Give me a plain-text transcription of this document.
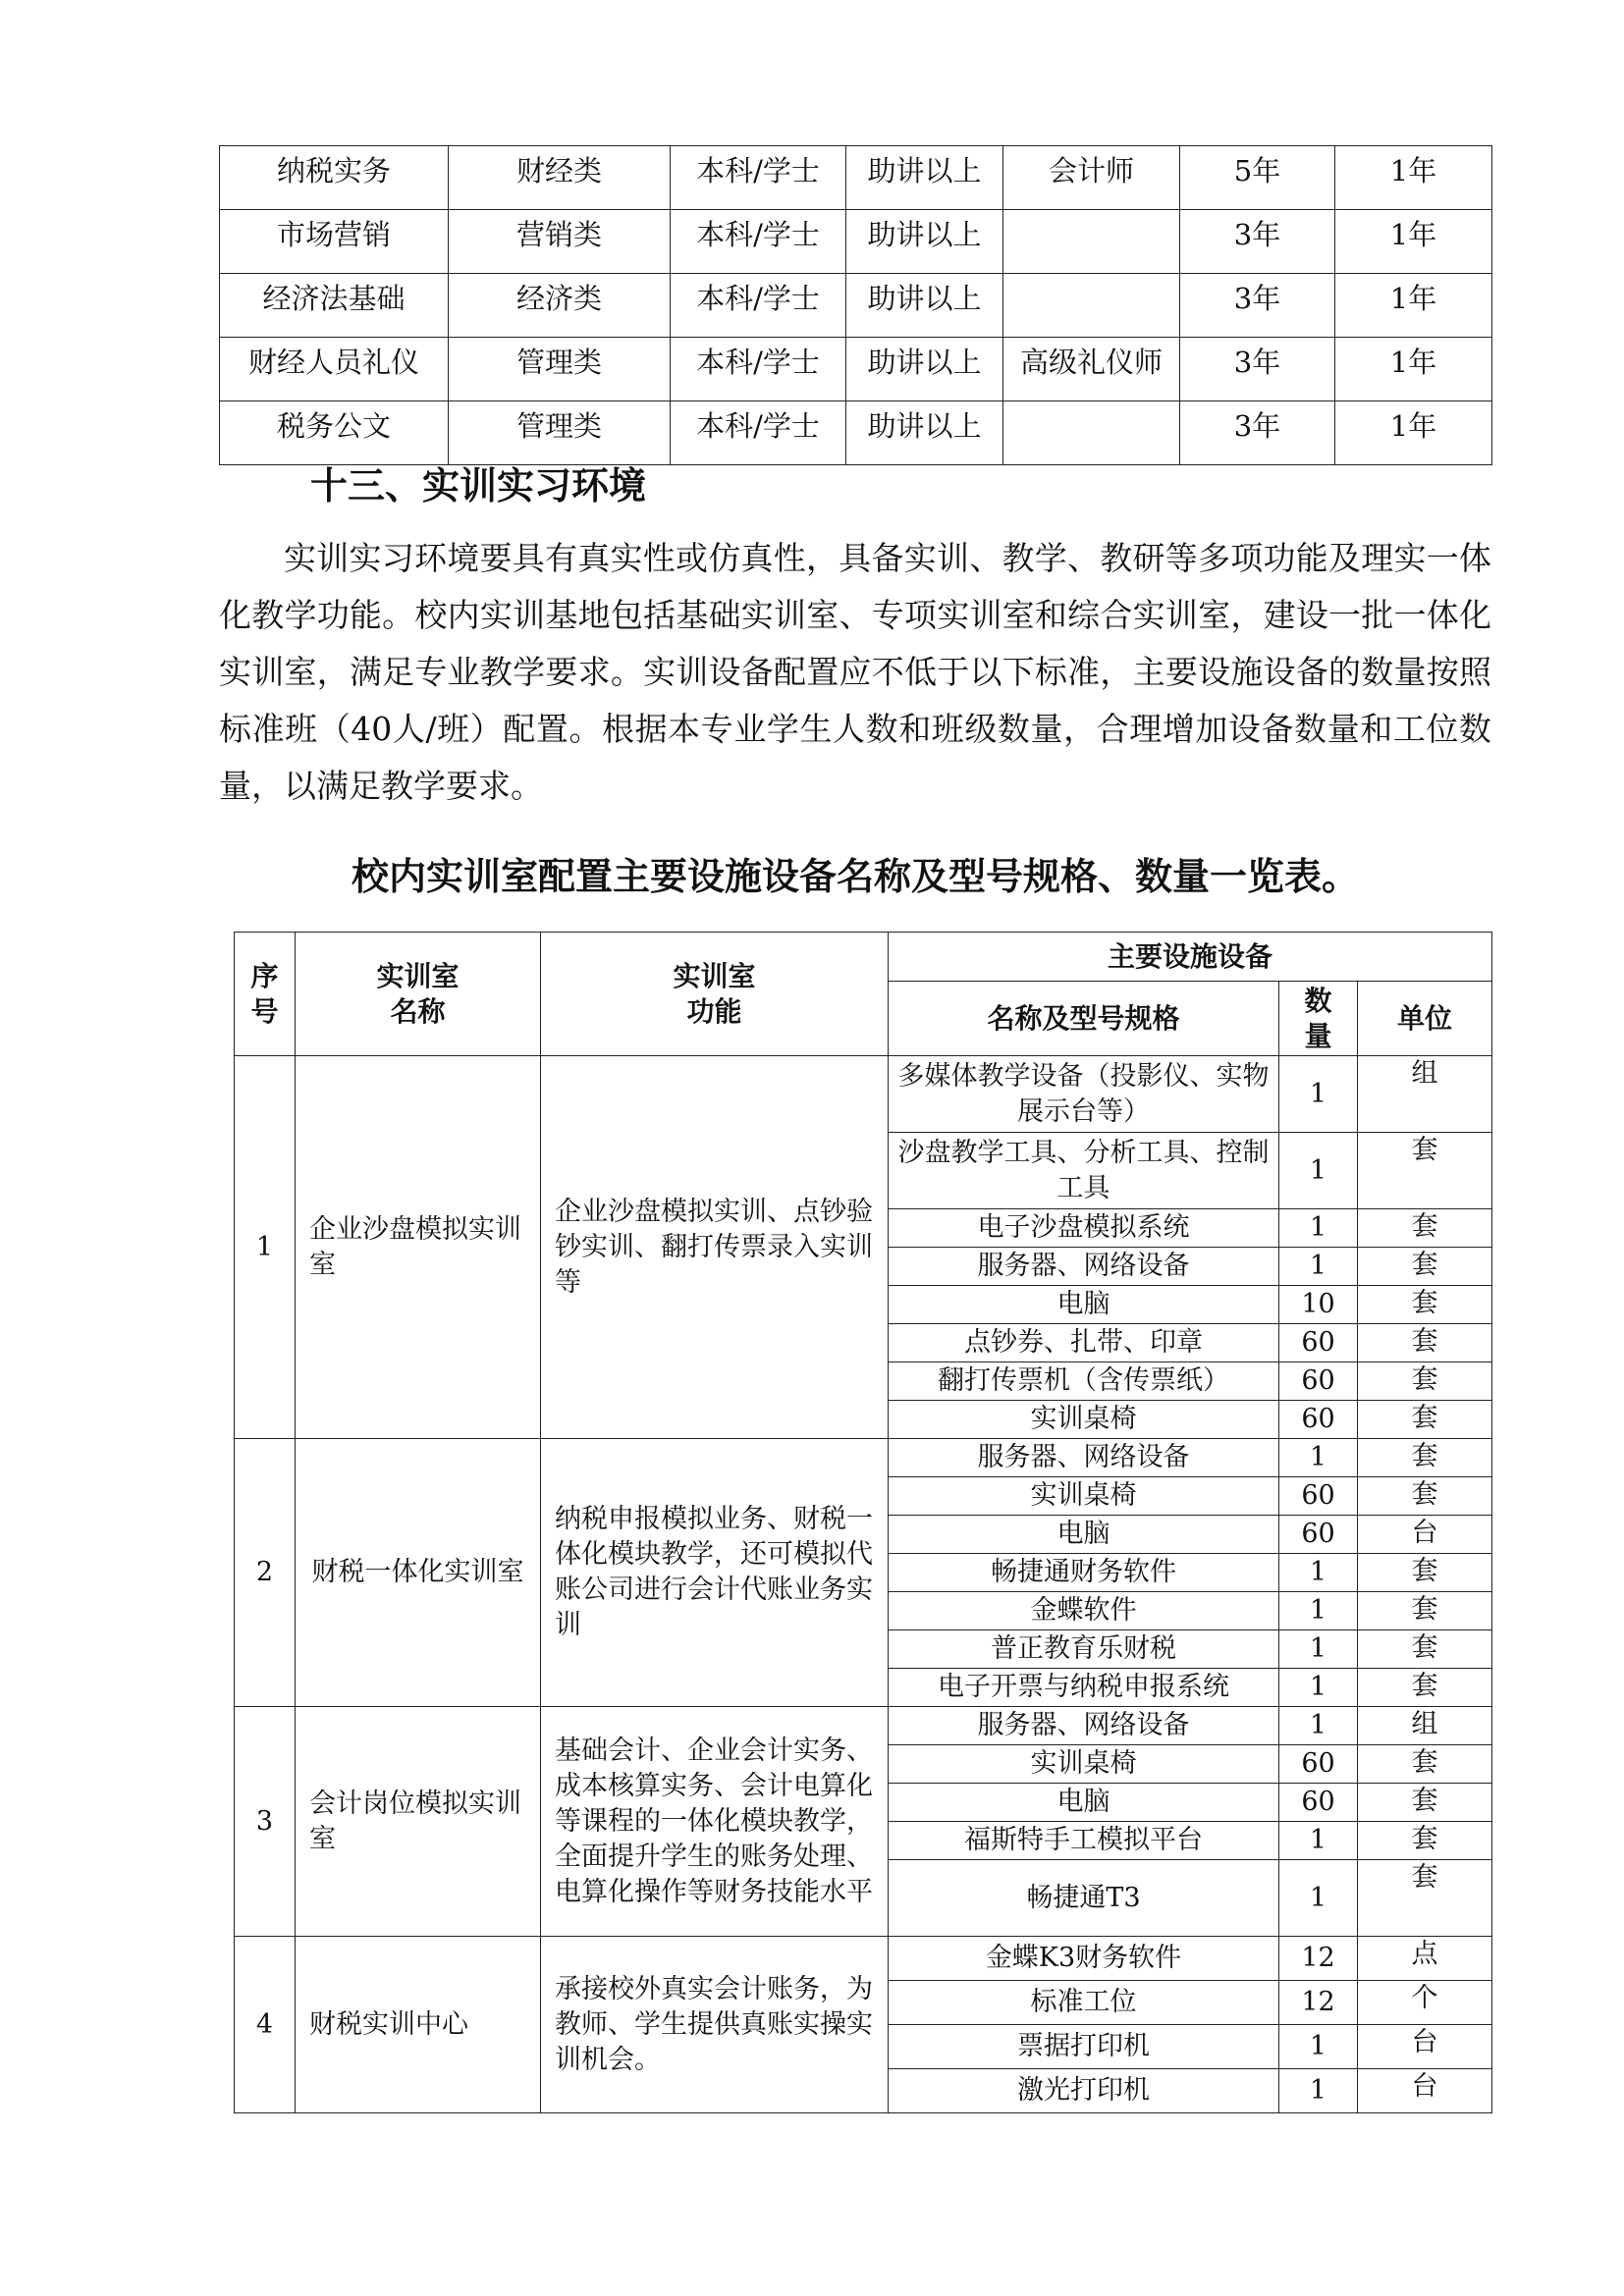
纳税实务	财经类	本科/学士	助讲以上	会计师	5年	1年
市场营销	营销类	本科/学士	助讲以上		3年	1年
经济法基础	经济类	本科/学士	助讲以上		3年	1年
财经人员礼仪	管理类	本科/学士	助讲以上	高级礼仪师	3年	1年
税务公文	管理类	本科/学士	助讲以上		3年	1年
十三、实训实习环境

实训实习环境要具有真实性或仿真性，具备实训、教学、教研等多项功能及理实一体化教学功能。校内实训基地包括基础实训室、专项实训室和综合实训室，建设一批一体化实训室，满足专业教学要求。实训设备配置应不低于以下标准，主要设施设备的数量按照标准班（40人/班）配置。根据本专业学生人数和班级数量，合理增加设备数量和工位数量，以满足教学要求。

校内实训室配置主要设施设备名称及型号规格、数量一览表。
序号	实训室名称	实训室功能	主要设施设备		
			名称及型号规格	数量	单位
1	企业沙盘模拟实训室	企业沙盘模拟实训、点钞验钞实训、翻打传票录入实训等	多媒体教学设备（投影仪、实物展示台等）	1	组
			沙盘教学工具、分析工具、控制工具	1	套
			电子沙盘模拟系统	1	套
			服务器、网络设备	1	套
			电脑	10	套
			点钞券、扎带、印章	60	套
			翻打传票机（含传票纸）	60	套
			实训桌椅	60	套
2	财税一体化实训室	纳税申报模拟业务、财税一体化模块教学，还可模拟代账公司进行会计代账业务实训	服务器、网络设备	1	套
			实训桌椅	60	套
			电脑	60	台
			畅捷通财务软件	1	套
			金蝶软件	1	套
			普正教育乐财税	1	套
			电子开票与纳税申报系统	1	套
3	会计岗位模拟实训室	基础会计、企业会计实务、成本核算实务、会计电算化等课程的一体化模块教学，全面提升学生的账务处理、电算化操作等财务技能水平	服务器、网络设备	1	组
			实训桌椅	60	套
			电脑	60	套
			福斯特手工模拟平台	1	套
			畅捷通T3	1	套
4	财税实训中心	承接校外真实会计账务，为教师、学生提供真账实操实训机会。	金蝶K3财务软件	12	点
			标准工位	12	个
			票据打印机	1	台
			激光打印机	1	台
